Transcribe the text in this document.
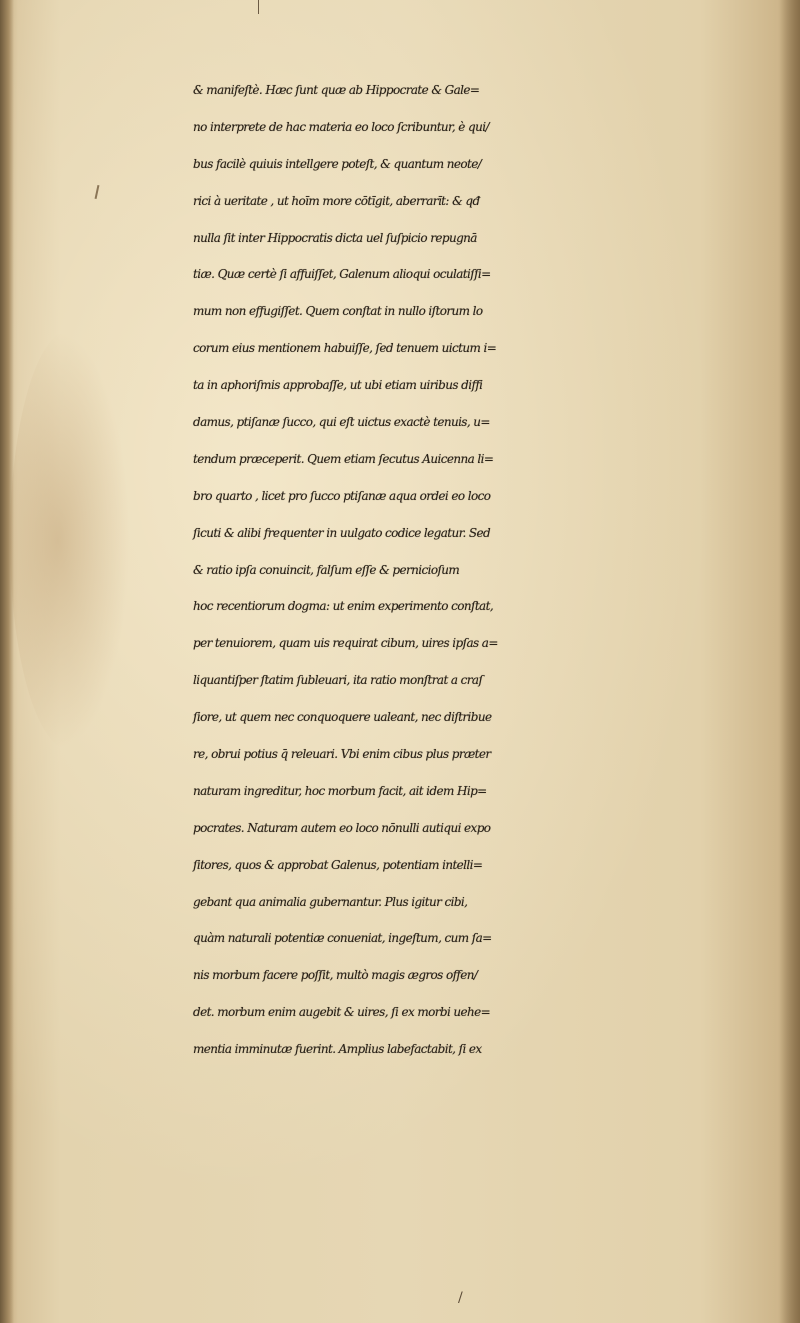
& manifeſtè. Hæc ſunt quæ ab Hippocrate & Gale=
no interprete de hac materia eo loco ſcribuntur, è qui/
bus facilè quiuis intellgere poteſt, & quantum neote/
rici à ueritate , ut hoīm more cōtīgit, aberrarīt: & qđ
nulla ſit inter Hippocratis dicta uel ſuſpicio repugnā
tiæ. Quæ certè ſi affuiſſet, Galenum alioqui oculatiſſi=
mum non effugiſſet. Quem conſtat in nullo iſtorum lo
corum eius mentionem habuiſſe, ſed tenuem uictum i=
ta in aphoriſmis approbaſſe, ut ubi etiam uiribus diffi
damus, ptiſanæ ſucco, qui eſt uictus exactè tenuis, u=
tendum præceperit. Quem etiam ſecutus Auicenna li=
bro quarto , licet pro ſucco ptiſanæ aqua ordei eo loco
ſicuti & alibi frequenter in uulgato codice legatur. Sed
& ratio ipſa conuincit, falſum eſſe & pernicioſum
hoc recentiorum dogma: ut enim experimento conſtat,
per tenuiorem, quam uis requirat cibum, uires ipſas a=
liquantiſper ſtatim ſubleuari, ita ratio monſtrat a craſ
ſiore, ut quem nec conquoquere ualeant, nec diſtribue
re, obrui potius q̄ releuari. Vbi enim cibus plus præter
naturam ingreditur, hoc morbum facit, ait idem Hip=
pocrates. Naturam autem eo loco nōnulli autiqui expo
ſitores, quos & approbat Galenus, potentiam intelli=
gebant qua animalia gubernantur. Plus igitur cibi,
quàm naturali potentiæ conueniat, ingeſtum, cum ſa=
nis morbum facere poſſit, multò magis ægros offen/
det. morbum enim augebit & uires, ſi ex morbi uehe=
mentia imminutæ fuerint. Amplius labefactabit, ſi ex
/
